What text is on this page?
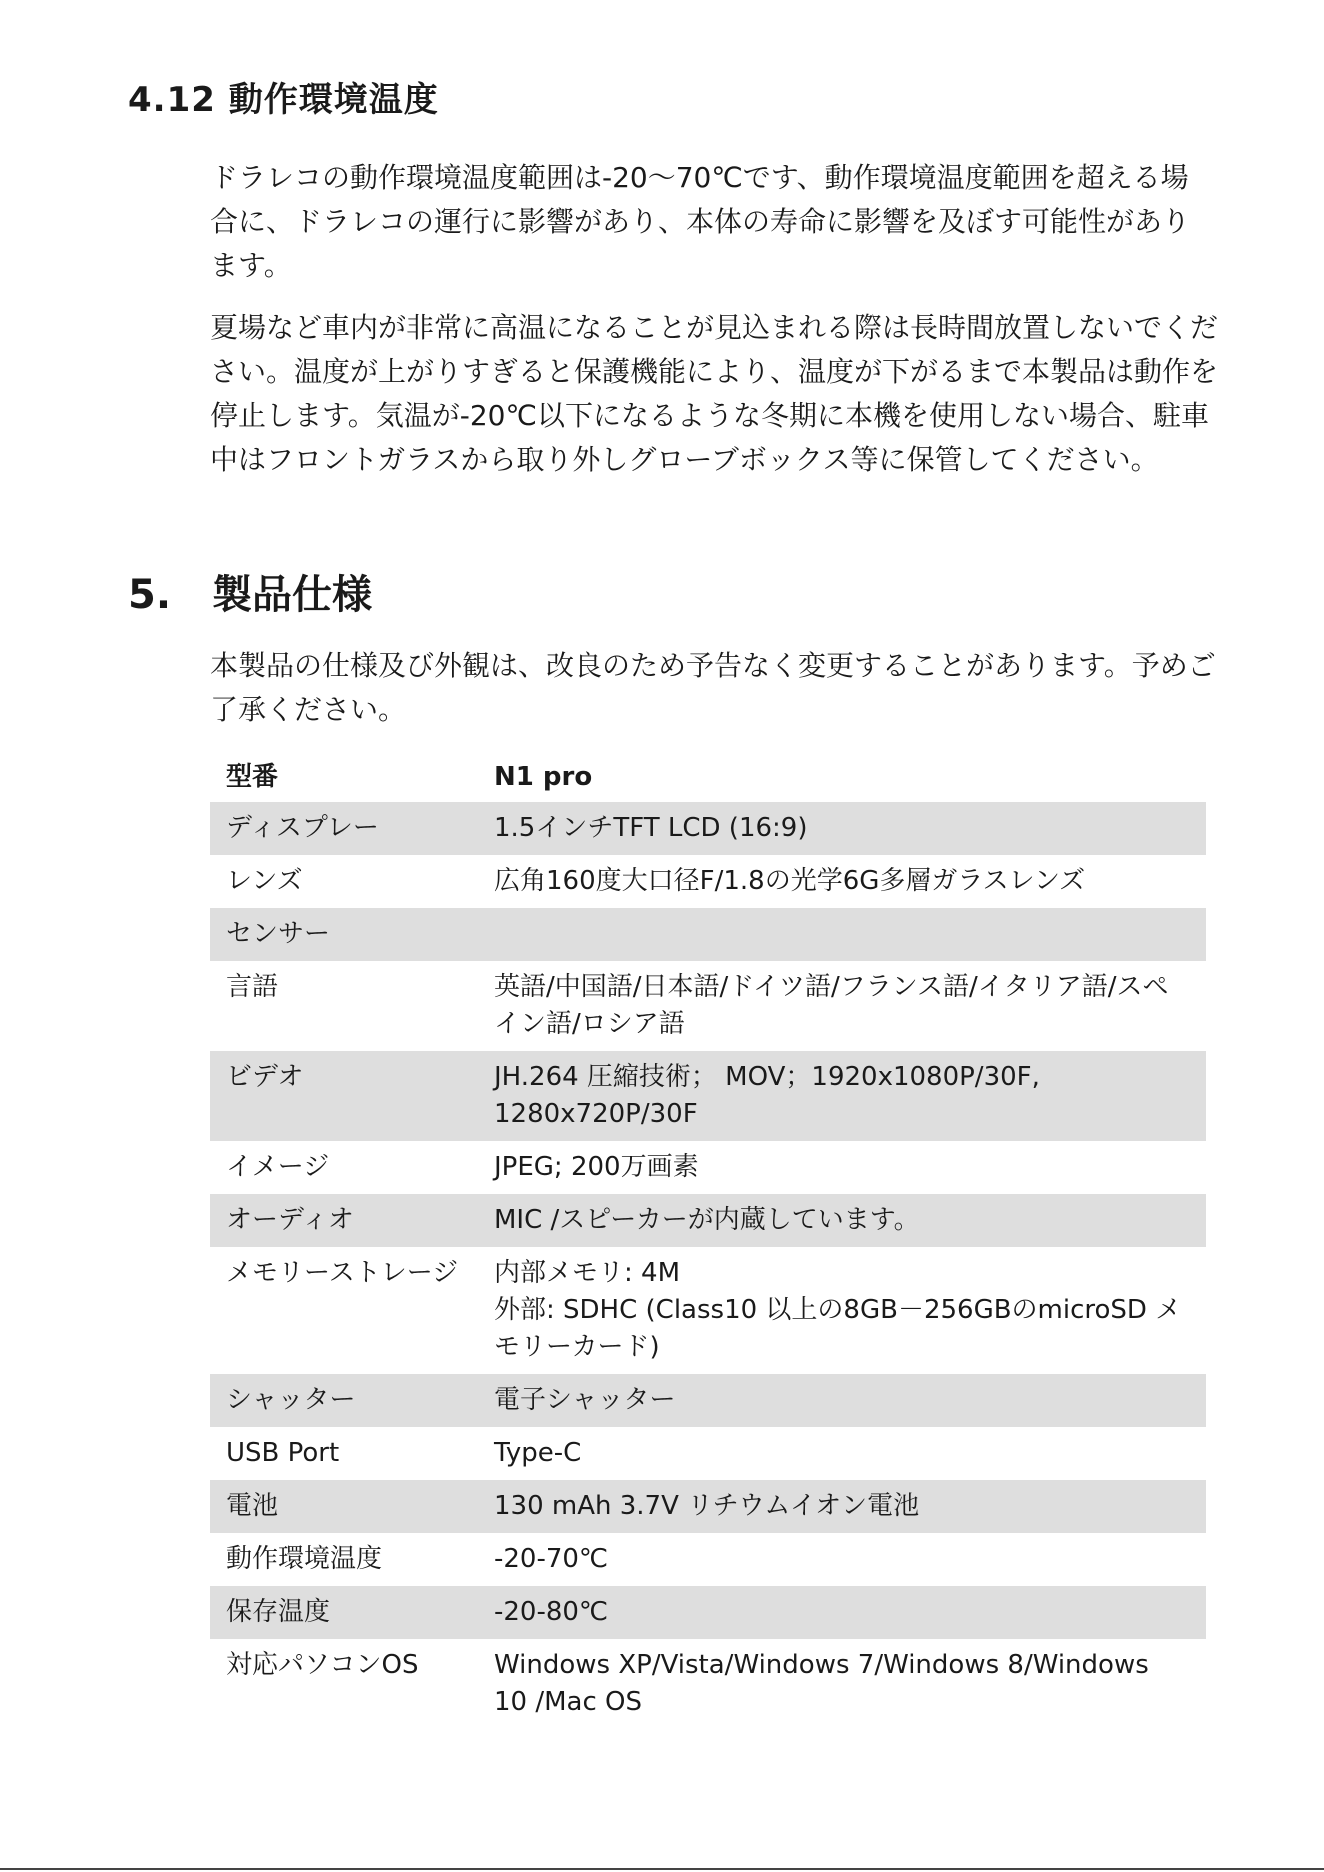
4.12 動作環境温度

ドラレコの動作環境温度範囲は-20〜70℃です、動作環境温度範囲を超える場合に、ドラレコの運行に影響があり、本体の寿命に影響を及ぼす可能性があります。

夏場など車内が非常に高温になることが見込まれる際は長時間放置しないでください。温度が上がりすぎると保護機能により、温度が下がるまで本製品は動作を停止します。気温が-20℃以下になるような冬期に本機を使用しない場合、駐車中はフロントガラスから取り外しグローブボックス等に保管してください。

5. 製品仕様

本製品の仕様及び外観は、改良のため予告なく変更することがあります。予めご了承ください。

型番	N1 pro
ディスプレー	1.5インチTFT LCD (16:9)
レンズ	広角160度大口径F/1.8の光学6G多層ガラスレンズ
センサー	
言語	英語/中国語/日本語/ドイツ語/フランス語/イタリア語/スペイン語/ロシア語
ビデオ	JH.264 圧縮技術； MOV；1920x1080P/30F, 1280x720P/30F
イメージ	JPEG; 200万画素
オーディオ	MIC /スピーカーが内蔵しています。
メモリーストレージ	内部メモリ: 4M
外部: SDHC (Class10 以上の8GB－256GBのmicroSD メモリーカード)

シャッター	電子シャッター
USB Port	Type-C
電池	130 mAh 3.7V リチウムイオン電池
動作環境温度	-20-70℃
保存温度	-20-80℃
対応パソコンOS	Windows XP/Vista/Windows 7/Windows 8/Windows 10 /Mac OS
